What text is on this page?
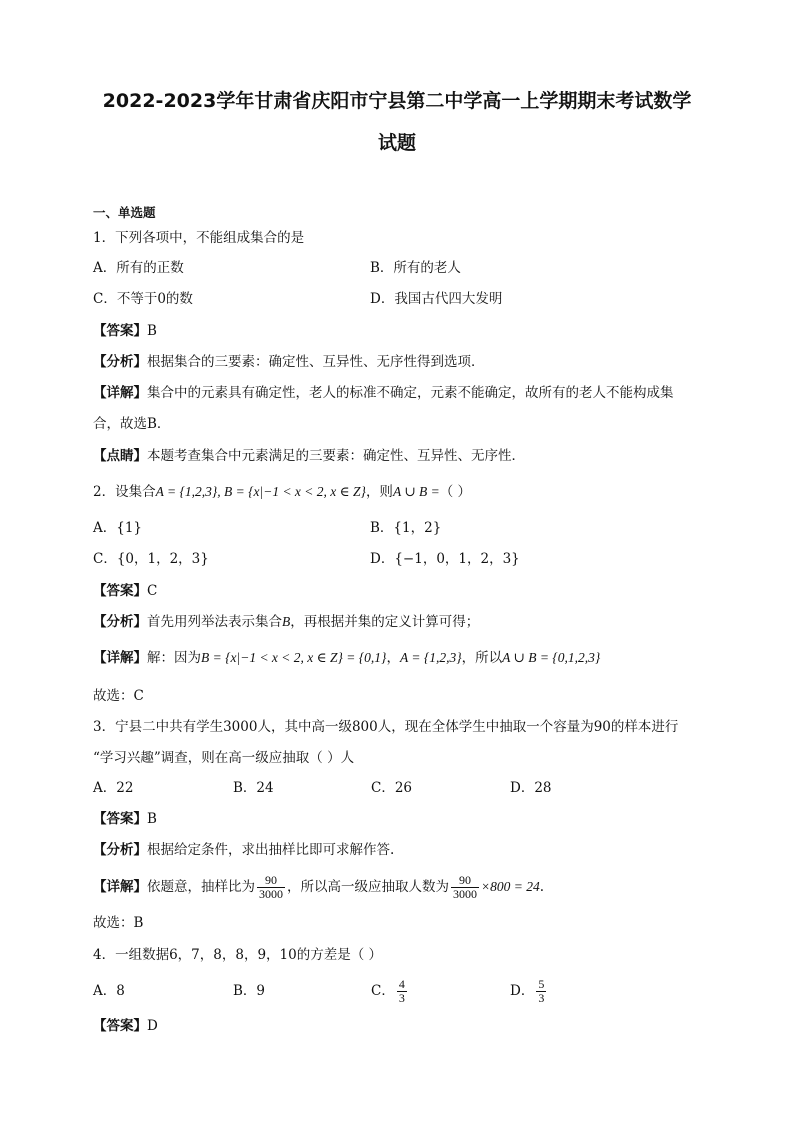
2022-2023学年甘肃省庆阳市宁县第二中学高一上学期期末考试数学
试题
一、单选题
1．下列各项中，不能组成集合的是
A．所有的正数	B．所有的老人
C．不等于0的数	D．我国古代四大发明
【答案】B
【分析】根据集合的三要素：确定性、互异性、无序性得到选项．
【详解】集合中的元素具有确定性，老人的标准不确定，元素不能确定，故所有的老人不能构成集
合，故选B．
【点睛】本题考查集合中元素满足的三要素：确定性、互异性、无序性．
2．设集合A = {1,2,3}, B = {x|−1 < x < 2, x ∈ Z}，则A ∪ B =（ ）
A．{1}	B．{1，2}
C．{0，1，2，3}	D．{−1，0，1，2，3}
【答案】C
【分析】首先用列举法表示集合B，再根据并集的定义计算可得；
【详解】解：因为B = {x|−1 < x < 2, x ∈ Z} = {0,1}，A = {1,2,3}，所以A ∪ B = {0,1,2,3}
故选：C
3．宁县二中共有学生3000人，其中高一级800人，现在全体学生中抽取一个容量为90的样本进行
“学习兴趣”调查，则在高一级应抽取（ ）人
A．22	B．24	C．26	D．28
【答案】B
【分析】根据给定条件，求出抽样比即可求解作答.
【详解】依题意，抽样比为 $\frac{90}{3000}$ ，所以高一级应抽取人数为 $\frac{90}{3000} \times 800 = 24$.
故选：B
4．一组数据6，7，8，8，9，10的方差是（ ）
A．8	B．9	C． $\frac{4}{3}$	D． $\frac{5}{3}$
【答案】D
